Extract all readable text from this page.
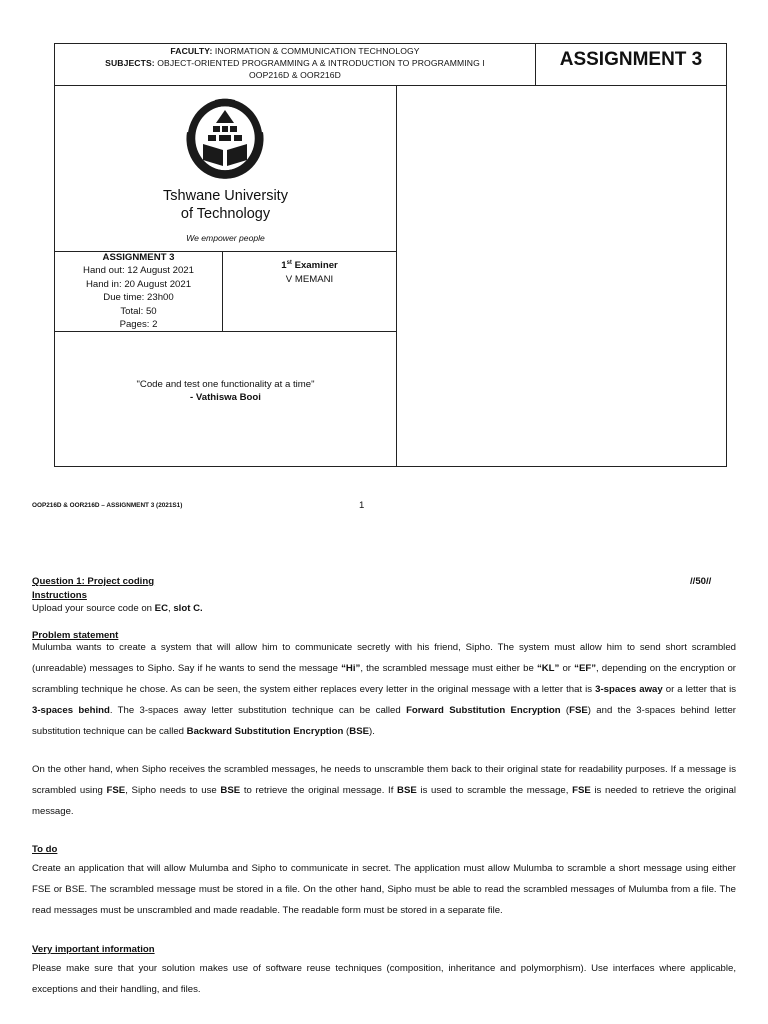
FACULTY: INORMATION & COMMUNICATION TECHNOLOGY
SUBJECTS: OBJECT-ORIENTED PROGRAMMING A & INTRODUCTION TO PROGRAMMING I
OOP216D & OOR216D
ASSIGNMENT 3
Tshwane University
of Technology
We empower people
ASSIGNMENT 3
Hand out: 12 August 2021
Hand in: 20 August 2021
Due time: 23h00
Total: 50
Pages: 2
1st Examiner
V MEMANI
"Code and test one functionality at a time"
- Vathiswa Booi
OOP216D & OOR216D – ASSIGNMENT 3 (2021S1)	1
Question 1: Project coding	//50//
Instructions
Upload your source code on EC, slot C.
Problem statement
Mulumba wants to create a system that will allow him to communicate secretly with his friend, Sipho. The system must allow him to send short scrambled (unreadable) messages to Sipho. Say if he wants to send the message “Hi”, the scrambled message must either be “KL” or “EF”, depending on the encryption or scrambling technique he chose. As can be seen, the system either replaces every letter in the original message with a letter that is 3-spaces away or a letter that is 3-spaces behind. The 3-spaces away letter substitution technique can be called Forward Substitution Encryption (FSE) and the 3-spaces behind letter substitution technique can be called Backward Substitution Encryption (BSE).
On the other hand, when Sipho receives the scrambled messages, he needs to unscramble them back to their original state for readability purposes. If a message is scrambled using FSE, Sipho needs to use BSE to retrieve the original message. If BSE is used to scramble the message, FSE is needed to retrieve the original message.
To do
Create an application that will allow Mulumba and Sipho to communicate in secret. The application must allow Mulumba to scramble a short message using either FSE or BSE. The scrambled message must be stored in a file. On the other hand, Sipho must be able to read the scrambled messages of Mulumba from a file. The read messages must be unscrambled and made readable. The readable form must be stored in a separate file.
Very important information
Please make sure that your solution makes use of software reuse techniques (composition, inheritance and polymorphism). Use interfaces where applicable, exceptions and their handling, and files.
